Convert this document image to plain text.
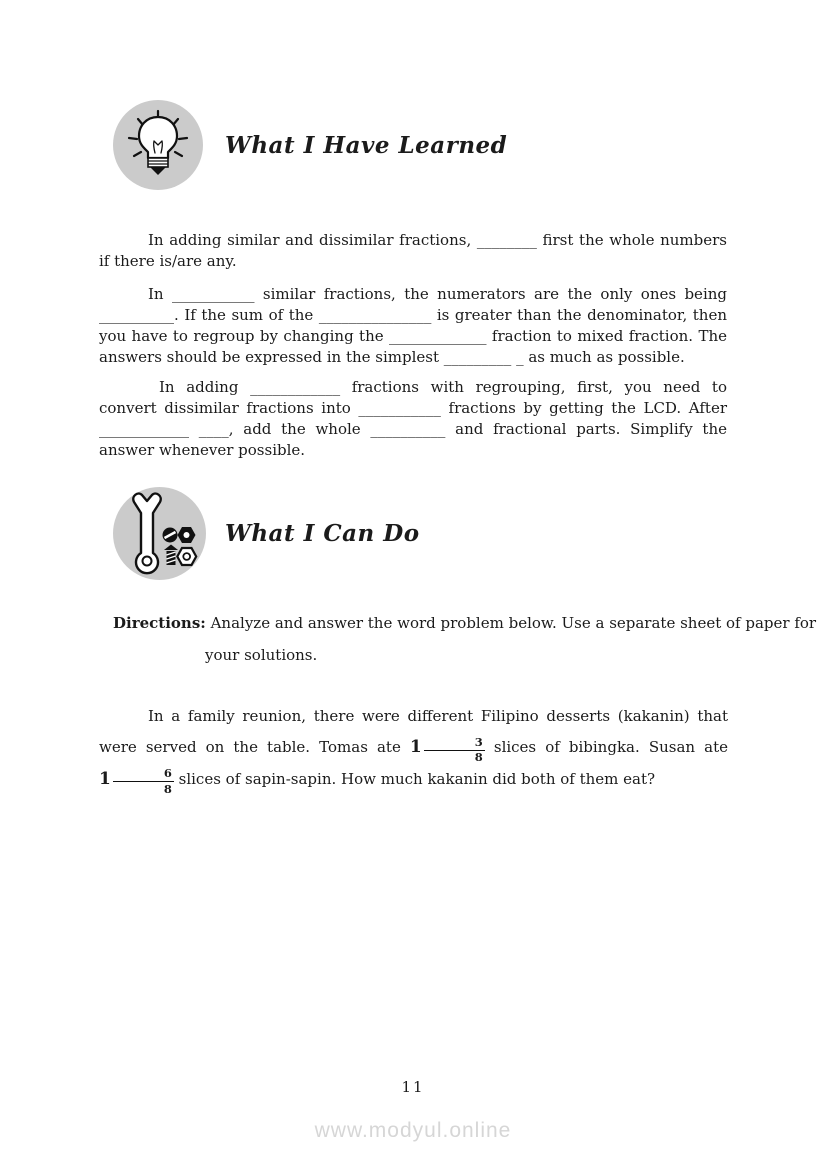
What I Have Learned

In adding similar and dissimilar fractions, ________ first the whole numbers if there is/are any.

In ___________ similar fractions, the numerators are the only ones being __________. If the sum of the _______________ is greater than the denominator, then you have to regroup by changing the _____________ fraction to mixed fraction. The answers should be expressed in the simplest _________ _ as much as possible.

In adding ____________ fractions with regrouping, first, you need to convert dissimilar fractions into ___________ fractions by getting the LCD. After ____________ ____, add the whole __________ and fractional parts. Simplify the answer whenever possible.

What I Can Do

Directions: Analyze and answer the word problem below. Use a separate sheet of paper for your solutions.

In a family reunion, there were different Filipino desserts (kakanin) that were served on the table. Tomas ate $1 \frac{3}{8}$ slices of bibingka. Susan ate $1 \frac{6}{8}$ slices of sapin-sapin. How much kakanin did both of them eat?

11
www.modyul.online
